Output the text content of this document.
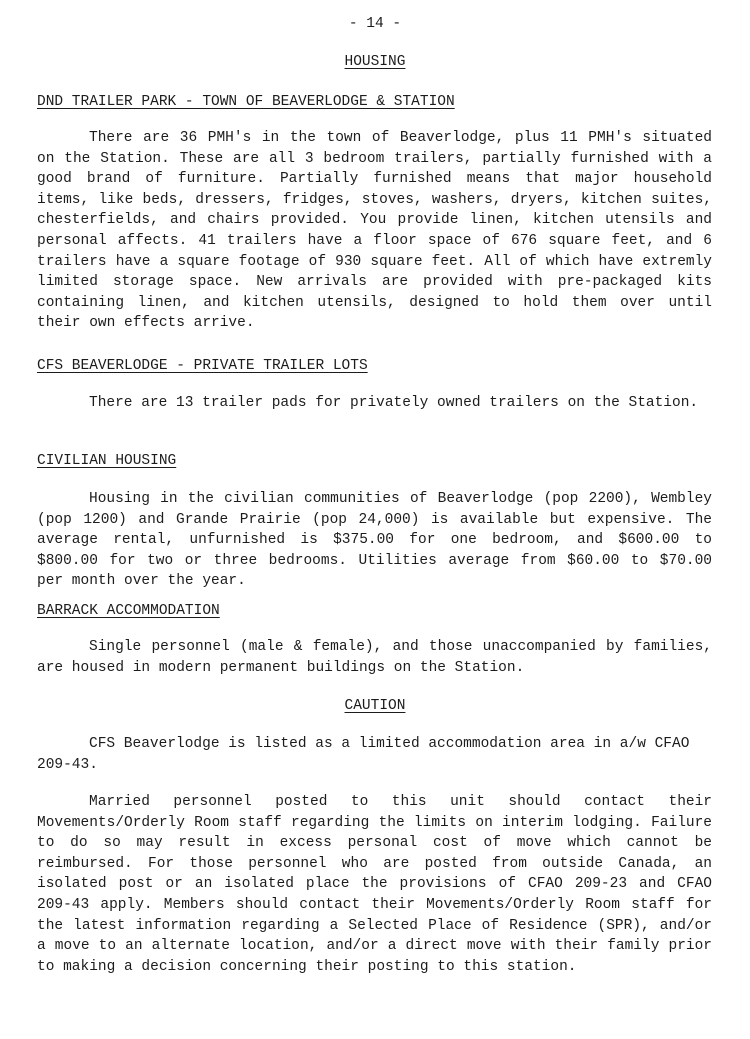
- 14 -
HOUSING
DND TRAILER PARK - TOWN OF BEAVERLODGE & STATION

There are 36 PMH's in the town of Beaverlodge, plus 11 PMH's situated on the Station. These are all 3 bedroom trailers, partially furnished with a good brand of furniture. Partially furnished means that major household items, like beds, dressers, fridges, stoves, washers, dryers, kitchen suites, chesterfields, and chairs provided. You provide linen, kitchen utensils and personal affects. 41 trailers have a floor space of 676 square feet, and 6 trailers have a square footage of 930 square feet. All of which have extremly limited storage space. New arrivals are provided with pre-packaged kits containing linen, and kitchen utensils, designed to hold them over until their own effects arrive.

CFS BEAVERLODGE - PRIVATE TRAILER LOTS

There are 13 trailer pads for privately owned trailers on the Station.

CIVILIAN HOUSING

Housing in the civilian communities of Beaverlodge (pop 2200), Wembley (pop 1200) and Grande Prairie (pop 24,000) is available but expensive. The average rental, unfurnished is $375.00 for one bedroom, and $600.00 to $800.00 for two or three bedrooms. Utilities average from $60.00 to $70.00 per month over the year.

BARRACK ACCOMMODATION

Single personnel (male & female), and those unaccompanied by families, are housed in modern permanent buildings on the Station.

CAUTION

CFS Beaverlodge is listed as a limited accommodation area in a/w CFAO 209-43.

Married personnel posted to this unit should contact their Movements/Orderly Room staff regarding the limits on interim lodging. Failure to do so may result in excess personal cost of move which cannot be reimbursed. For those personnel who are posted from outside Canada, an isolated post or an isolated place the provisions of CFAO 209-23 and CFAO 209-43 apply. Members should contact their Movements/Orderly Room staff for the latest information regarding a Selected Place of Residence (SPR), and/or a move to an alternate location, and/or a direct move with their family prior to making a decision concerning their posting to this station.
